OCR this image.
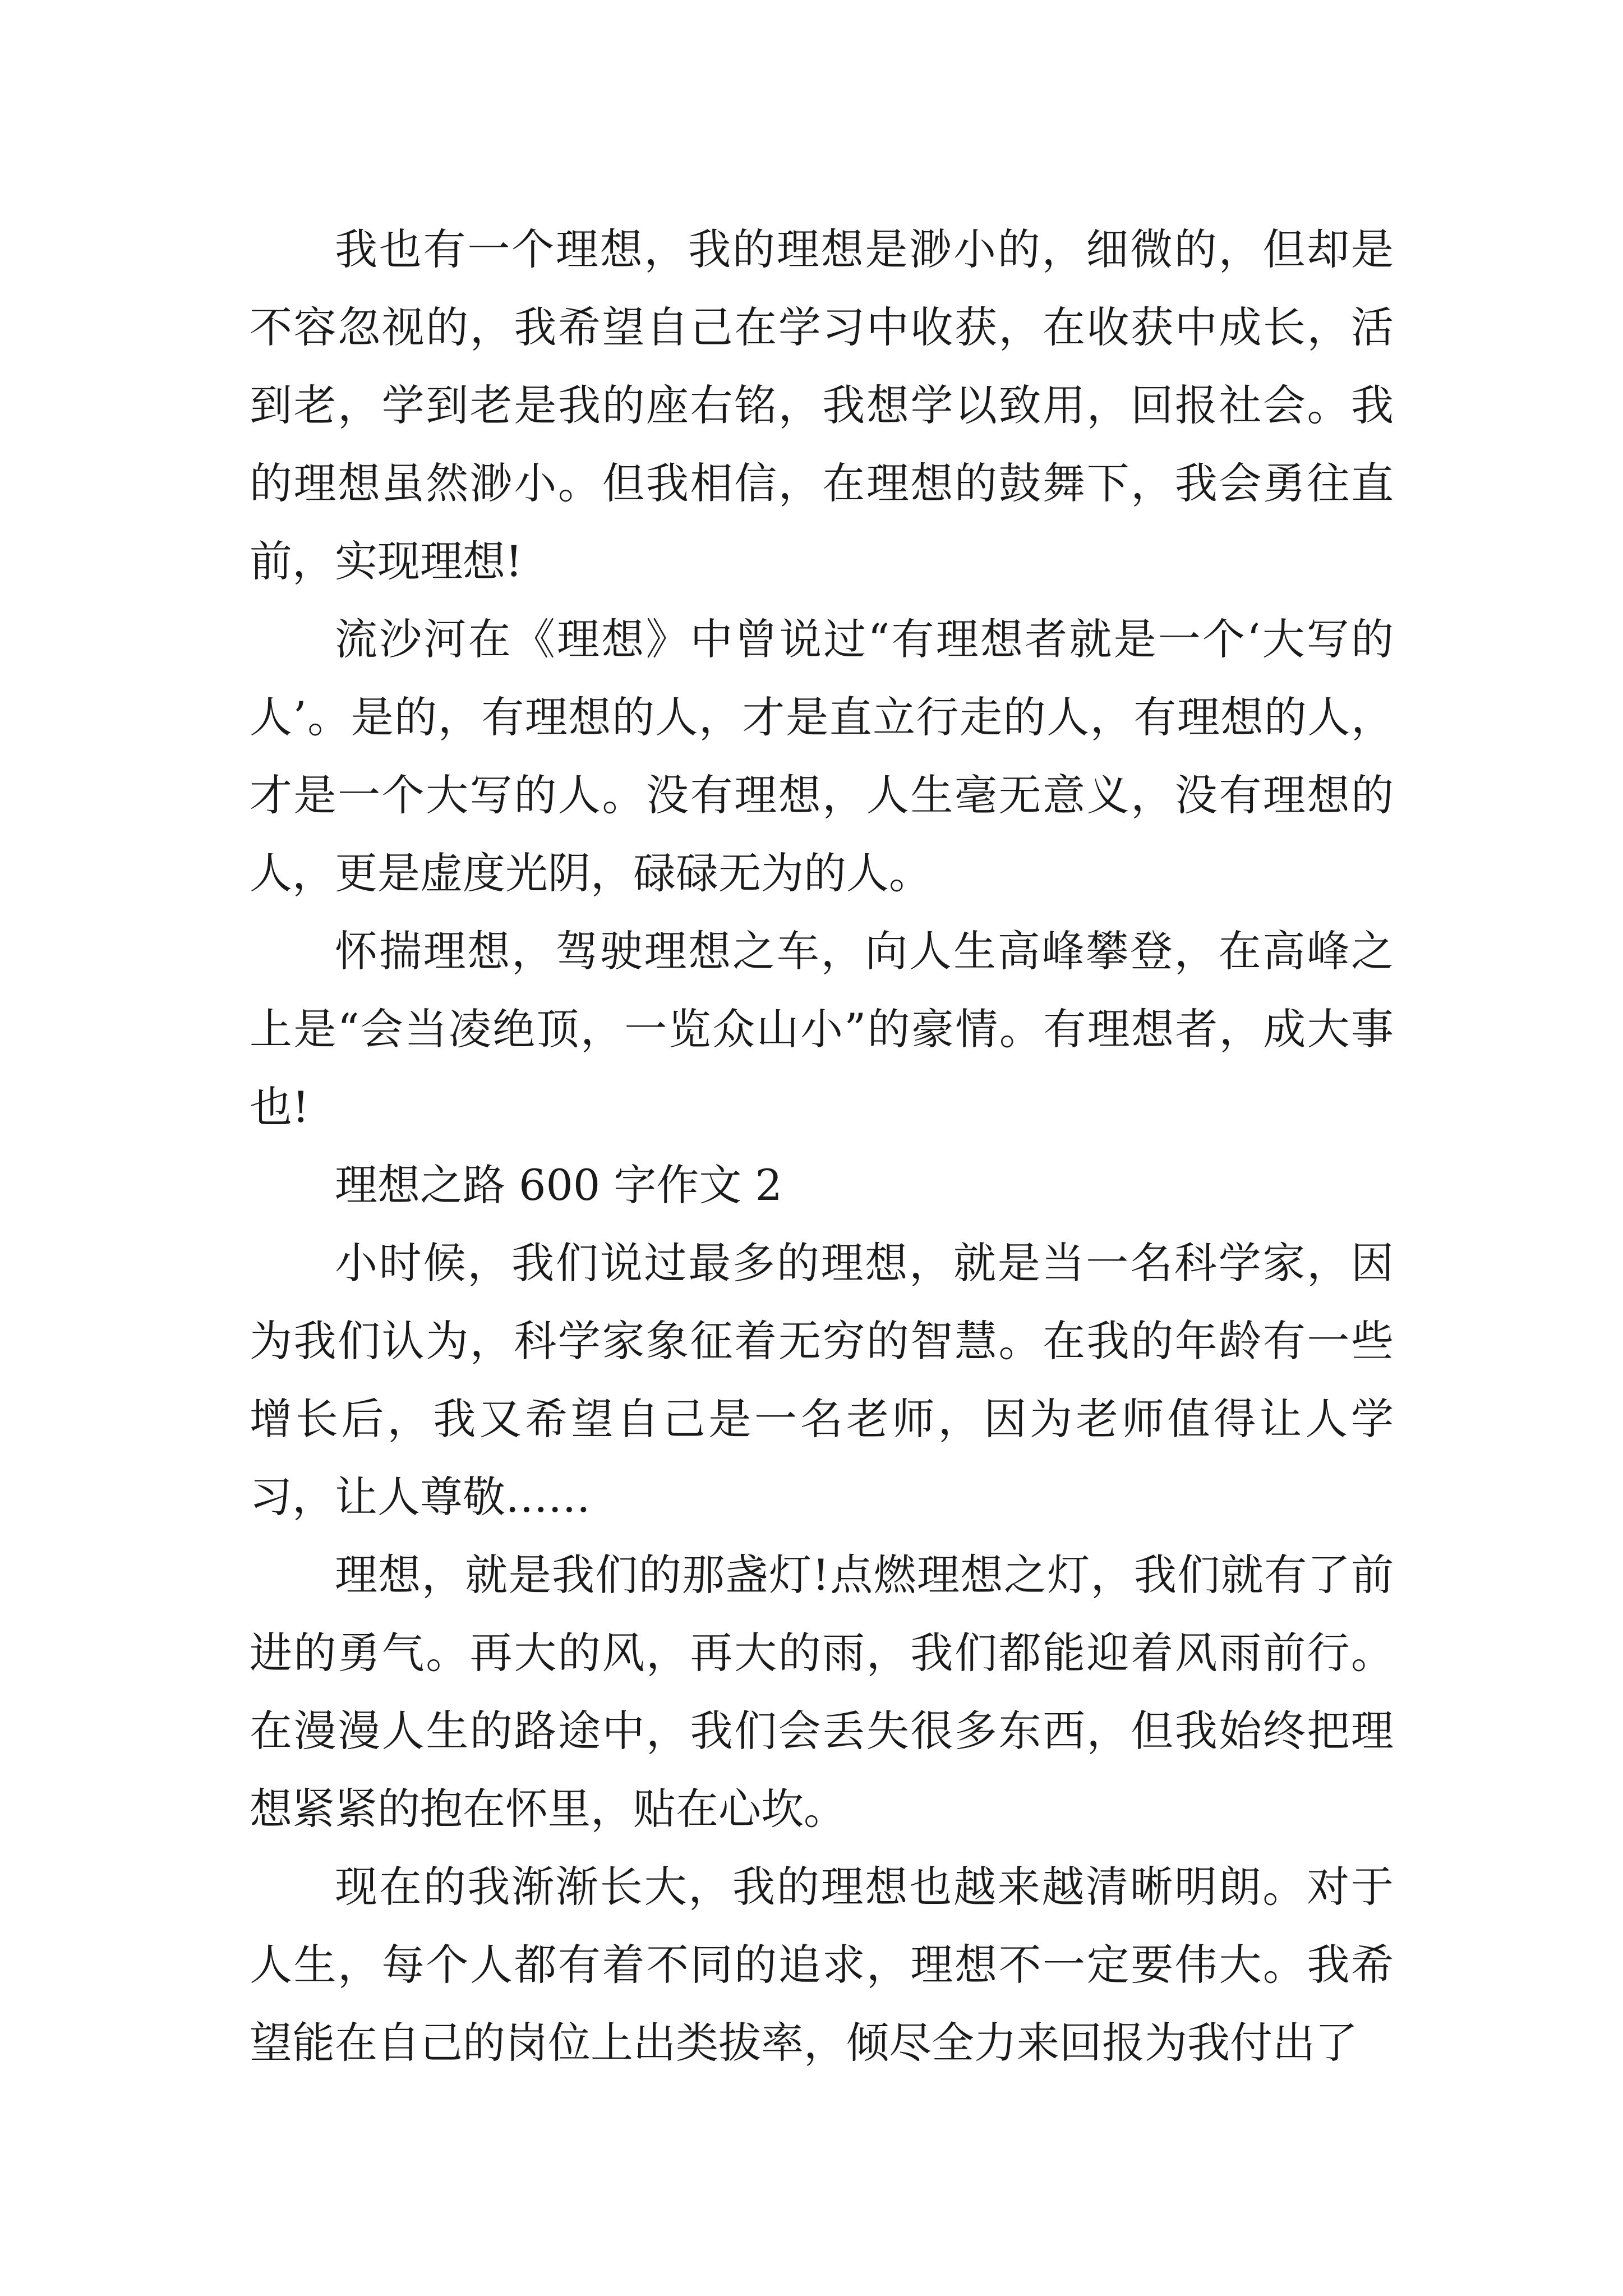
我也有一个理想，我的理想是渺小的，细微的，但却是不容忽视的，我希望自己在学习中收获，在收获中成长，活到老，学到老是我的座右铭，我想学以致用，回报社会。我的理想虽然渺小。但我相信，在理想的鼓舞下，我会勇往直前，实现理想!

流沙河在《理想》中曾说过“有理想者就是一个‘大写的人’。是的，有理想的人，才是直立行走的人，有理想的人，才是一个大写的人。没有理想，人生毫无意义，没有理想的人，更是虚度光阴，碌碌无为的人。

怀揣理想，驾驶理想之车，向人生高峰攀登，在高峰之上是“会当凌绝顶，一览众山小”的豪情。有理想者，成大事也!

理想之路 600 字作文 2

小时候，我们说过最多的理想，就是当一名科学家，因为我们认为，科学家象征着无穷的智慧。在我的年龄有一些增长后，我又希望自己是一名老师，因为老师值得让人学习，让人尊敬……

理想，就是我们的那盏灯!点燃理想之灯，我们就有了前进的勇气。再大的风，再大的雨，我们都能迎着风雨前行。在漫漫人生的路途中，我们会丢失很多东西，但我始终把理想紧紧的抱在怀里，贴在心坎。

现在的我渐渐长大，我的理想也越来越清晰明朗。对于人生，每个人都有着不同的追求，理想不一定要伟大。我希望能在自己的岗位上出类拔率，倾尽全力来回报为我付出了
